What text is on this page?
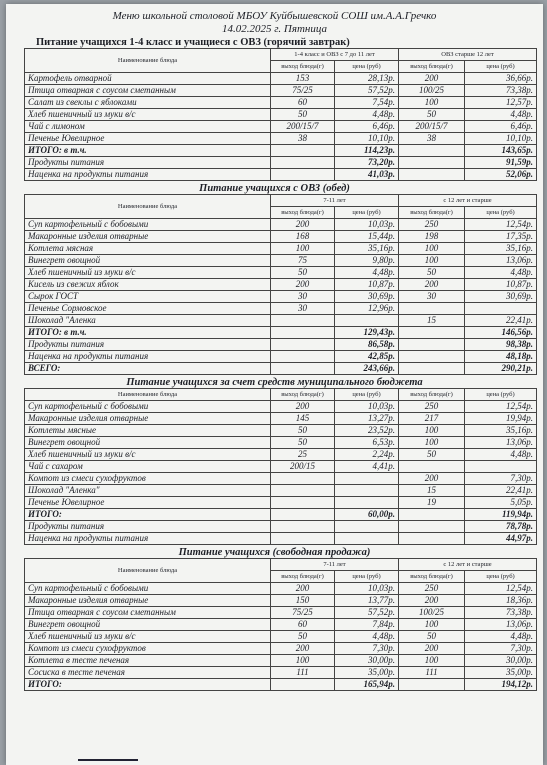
Меню школьной столовой МБОУ Куйбышевской СОШ им.А.А.Гречко
14.02.2025 г. Пятница
Питание учащихся 1-4 класс и учащиеся с ОВЗ (горячий завтрак)
Наименование блюда	1-4 класс и ОВЗ с 7 до 11 лет		ОВЗ старше 12 лет	
	выход блюда(г)	цена (руб)	выход блюда(г)	цена (руб)
Картофель отварной	153	28,13р.	200	36,66р.
Птица отварная с соусом сметанным	75/25	57,52р.	100/25	73,38р.
Салат из свеклы с яблоками	60	7,54р.	100	12,57р.
Хлеб пшеничный из муки в/с	50	4,48р.	50	4,48р.
Чай с лимоном	200/15/7	6,46р.	200/15/7	6,46р.
Печенье Ювелирное	38	10,10р.	38	10,10р.
ИТОГО: в т.ч.		114,23р.		143,65р.
Продукты питания		73,20р.		91,59р.
Наценка на продукты питания		41,03р.		52,06р.
Питание учащихся с ОВЗ (обед)
Наименование блюда	7-11 лет		с 12 лет и старше	
	выход блюда(г)	цена (руб)	выход блюда(г)	цена (руб)
Суп картофельный с бобовыми	200	10,03р.	250	12,54р.
Макаронные изделия отварные	168	15,44р.	198	17,35р.
Котлета мясная	100	35,16р.	100	35,16р.
Винегрет овощной	75	9,80р.	100	13,06р.
Хлеб пшеничный из муки в/с	50	4,48р.	50	4,48р.
Кисель из свежих яблок	200	10,87р.	200	10,87р.
Сырок ГОСТ	30	30,69р.	30	30,69р.
Печенье Сормовское	30	12,96р.		
Шоколад "Аленка			15	22,41р.
ИТОГО: в т.ч.		129,43р.		146,56р.
Продукты питания		86,58р.		98,38р.
Наценка на продукты питания		42,85р.		48,18р.
ВСЕГО:		243,66р.		290,21р.
Питание учащихся за счет средств муниципального бюджета
Наименование блюда	выход блюда(г)	цена (руб)	выход блюда(г)	цена (руб)
Суп картофельный с бобовыми	200	10,03р.	250	12,54р.
Макаронные изделия отварные	145	13,27р.	217	19,94р.
Котлеты мясные	50	23,52р.	100	35,16р.
Винегрет овощной	50	6,53р.	100	13,06р.
Хлеб пшеничный из муки в/с	25	2,24р.	50	4,48р.
Чай с сахаром	200/15	4,41р.		
Компот из смеси сухофруктов			200	7,30р.
Шоколад "Аленка"			15	22,41р.
Печенье Ювелирное			19	5,05р.
ИТОГО:		60,00р.		119,94р.
Продукты питания				78,78р.
Наценка на продукты питания				44,97р.
Питание учащихся (свободная продажа)
Наименование блюда	7-11 лет		с 12 лет и старше	
	выход блюда(г)	цена (руб)	выход блюда(г)	цена (руб)
Суп картофельный с бобовыми	200	10,03р.	250	12,54р.
Макаронные изделия отварные	150	13,77р.	200	18,36р.
Птица отварная с соусом сметанным	75/25	57,52р.	100/25	73,38р.
Винегрет овощной	60	7,84р.	100	13,06р.
Хлеб пшеничный из муки в/с	50	4,48р.	50	4,48р.
Компот из смеси сухофруктов	200	7,30р.	200	7,30р.
Котлета в тесте печеная	100	30,00р.	100	30,00р.
Сосиска в тесте печеная	111	35,00р.	111	35,00р.
ИТОГО:		165,94р.		194,12р.
